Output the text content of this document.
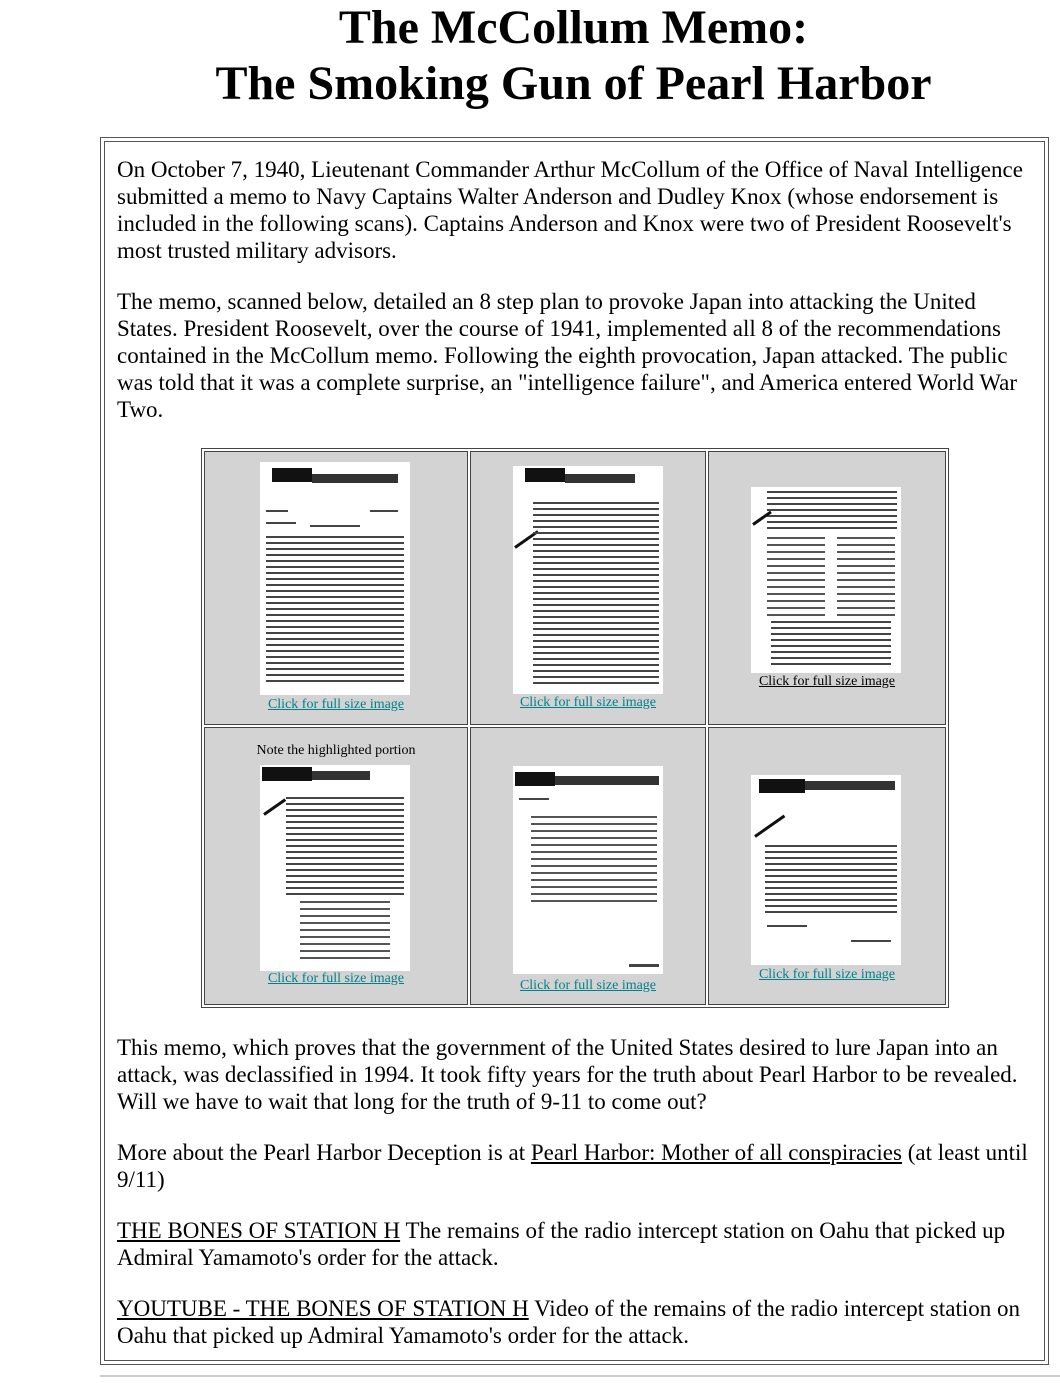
The McCollum Memo:
The Smoking Gun of Pearl Harbor

On October 7, 1940, Lieutenant Commander Arthur McCollum of the Office of Naval Intelligence submitted a memo to Navy Captains Walter Anderson and Dudley Knox (whose endorsement is included in the following scans). Captains Anderson and Knox were two of President Roosevelt's most trusted military advisors.

The memo, scanned below, detailed an 8 step plan to provoke Japan into attacking the United States. President Roosevelt, over the course of 1941, implemented all 8 of the recommendations contained in the McCollum memo. Following the eighth provocation, Japan attacked. The public was told that it was a complete surprise, an "intelligence failure", and America entered World War Two.

Click for full size image	Click for full size image
Click for full size image
Note the highlighted portion
Click for full size image	Click for full size image
Click for full size image

This memo, which proves that the government of the United States desired to lure Japan into an attack, was declassified in 1994. It took fifty years for the truth about Pearl Harbor to be revealed. Will we have to wait that long for the truth of 9-11 to come out?

More about the Pearl Harbor Deception is at Pearl Harbor: Mother of all conspiracies (at least until 9/11)

THE BONES OF STATION H The remains of the radio intercept station on Oahu that picked up Admiral Yamamoto's order for the attack.

YOUTUBE - THE BONES OF STATION H Video of the remains of the radio intercept station on Oahu that picked up Admiral Yamamoto's order for the attack.
